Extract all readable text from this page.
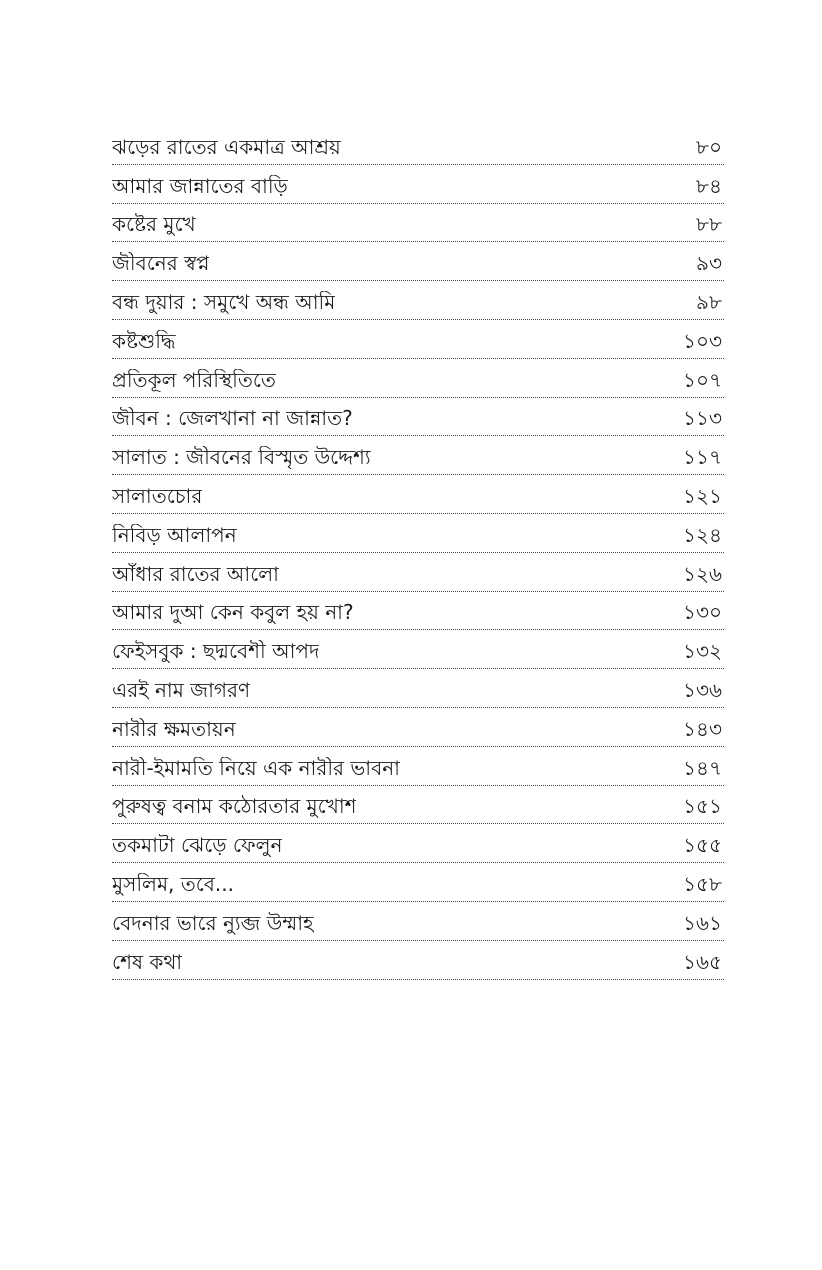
ঝড়ের রাতের একমাত্র আশ্রয়	৮০
আমার জান্নাতের বাড়ি	৮৪
কষ্টের মুখে	৮৮
জীবনের স্বপ্ন	৯৩
বন্ধ দুয়ার : সমুখে অন্ধ আমি	৯৮
কষ্টশুদ্ধি	১০৩
প্রতিকূল পরিস্থিতিতে	১০৭
জীবন : জেলখানা না জান্নাত?	১১৩
সালাত : জীবনের বিস্মৃত উদ্দেশ্য	১১৭
সালাতচোর	১২১
নিবিড় আলাপন	১২৪
আঁধার রাতের আলো	১২৬
আমার দুআ কেন কবুল হয় না?	১৩০
ফেইসবুক : ছদ্মবেশী আপদ	১৩২
এরই নাম জাগরণ	১৩৬
নারীর ক্ষমতায়ন	১৪৩
নারী-ইমামতি নিয়ে এক নারীর ভাবনা	১৪৭
পুরুষত্ব বনাম কঠোরতার মুখোশ	১৫১
তকমাটা ঝেড়ে ফেলুন	১৫৫
মুসলিম, তবে...	১৫৮
বেদনার ভারে ন্যুব্জ উম্মাহ	১৬১
শেষ কথা	১৬৫
